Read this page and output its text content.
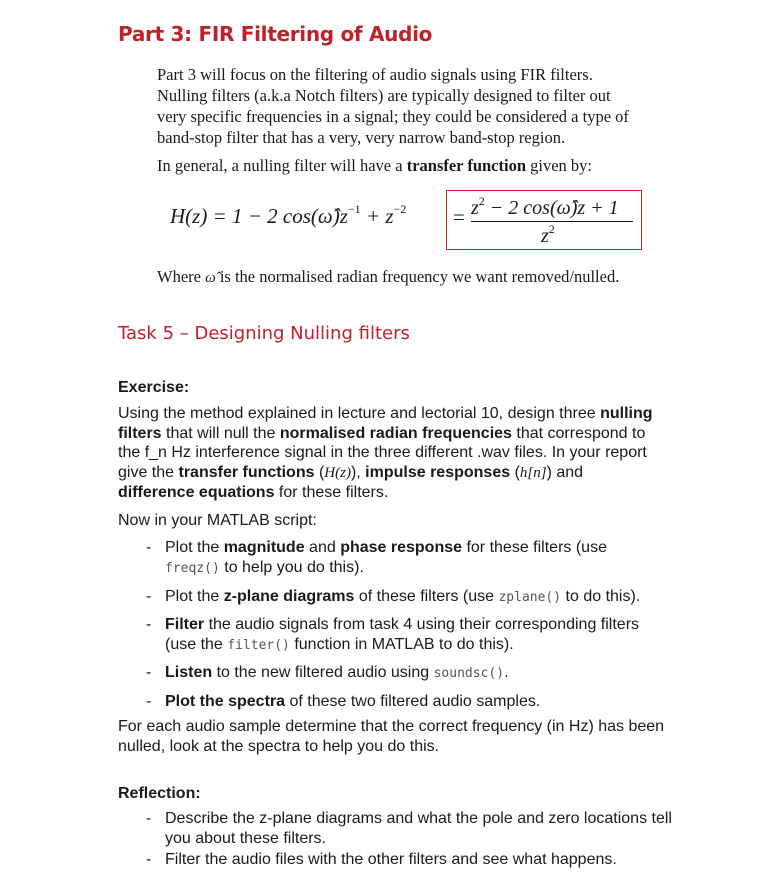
Part 3: FIR Filtering of Audio

Part 3 will focus on the filtering of audio signals using FIR filters.

Nulling filters (a.k.a Notch filters) are typically designed to filter out

very specific frequencies in a signal; they could be considered a type of

band-stop filter that has a very, very narrow band-stop region.

In general, a nulling filter will have a transfer function given by:
H(z) = 1 − 2 $\cos(\omegâ)z^{-1} + z^{-2} = z^2 - 2$ cos(ω̂)z + 1
$z^2$
Where ω̂ is the normalised radian frequency we want removed/nulled.
Task 5 – Designing Nulling filters
Exercise:
Using the method explained in lecture and lectorial 10, design three nulling
filters that will null the normalised radian frequencies that correspond to
the f_n Hz interference signal in the three different .wav files. In your report
give the transfer functions (H(z)), impulse responses (h[n]) and
difference equations for these filters.
Now in your MATLAB script:
- Plot the magnitude and phase response for these filters (use
freqz() to help you do this).
- Plot the z-plane diagrams of these filters (use zplane() to do this).
- Filter the audio signals from task 4 using their corresponding filters
(use the filter() function in MATLAB to do this).
- Listen to the new filtered audio using soundsc().
- Plot the spectra of these two filtered audio samples.
For each audio sample determine that the correct frequency (in Hz) has been
nulled, look at the spectra to help you do this.
Reflection:
- Describe the z-plane diagrams and what the pole and zero locations tell
you about these filters.
- Filter the audio files with the other filters and see what happens.
